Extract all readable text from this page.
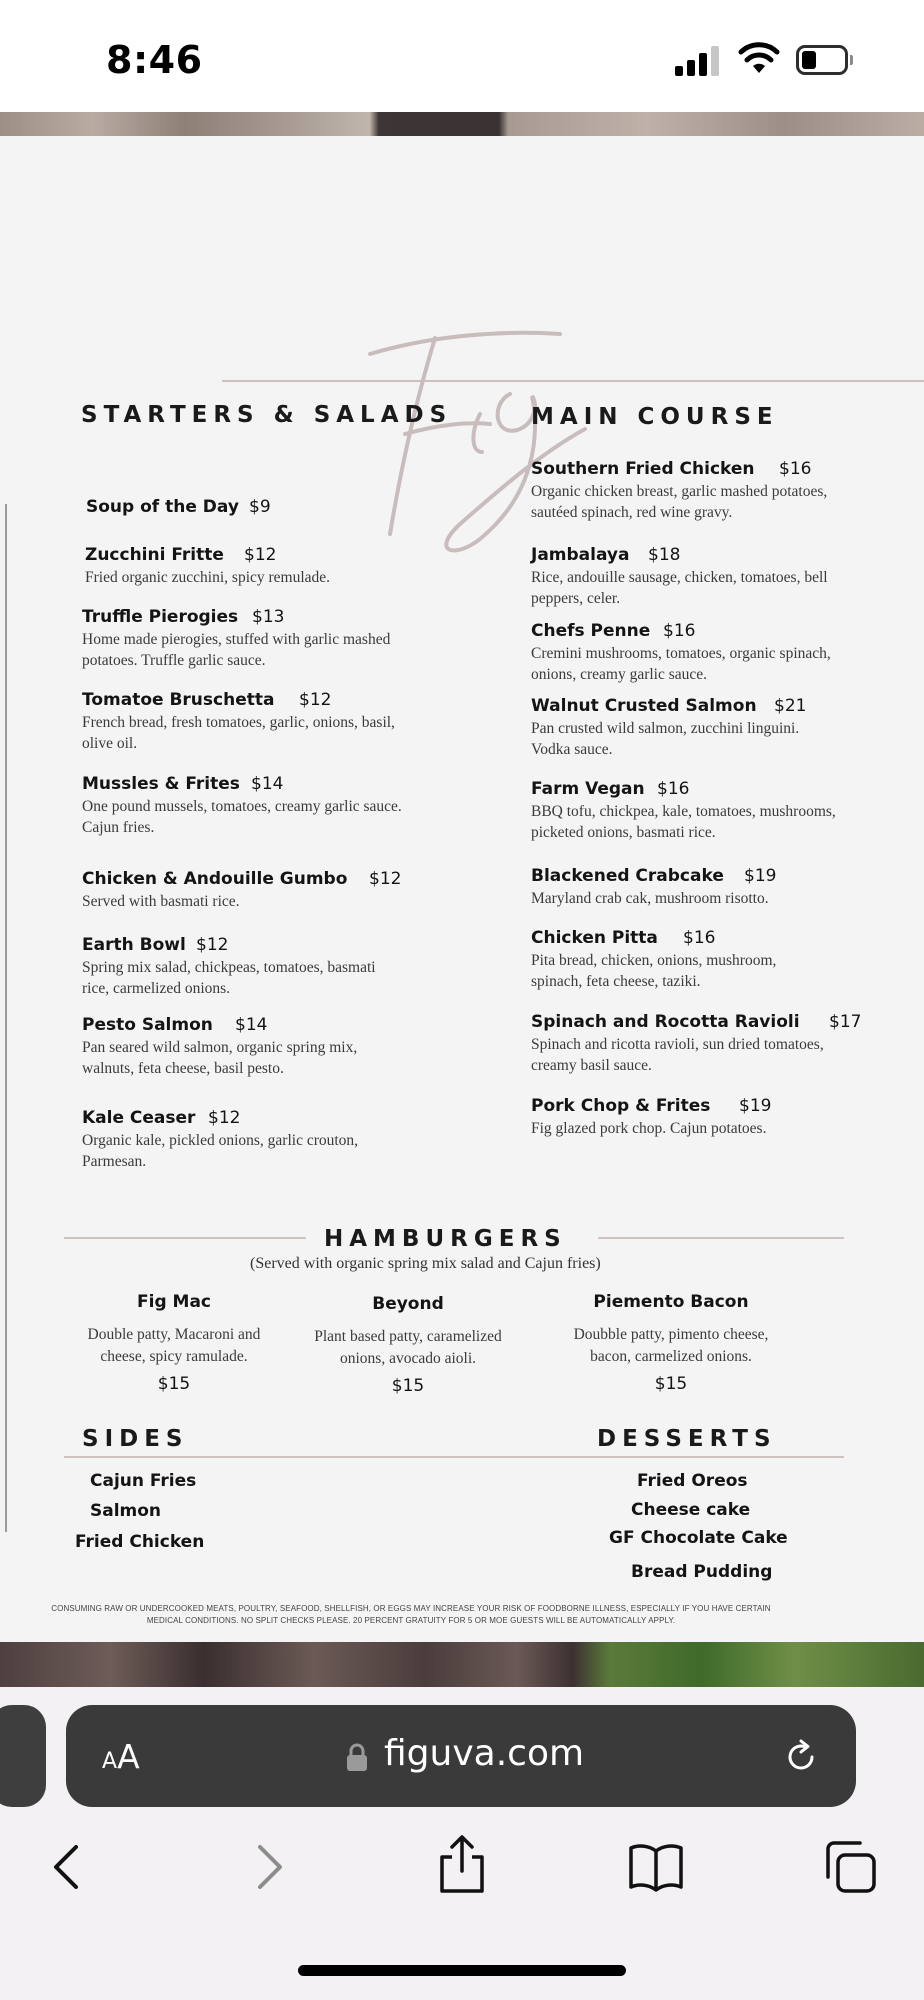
8:46
STARTERS & SALADS
Soup of the Day $9
Zucchini Fritte $12
Fried organic zucchini, spicy remulade.
Truffle Pierogies $13
Home made pierogies, stuffed with garlic mashed potatoes. Truffle garlic sauce.
Tomatoe Bruschetta $12
French bread, fresh tomatoes, garlic, onions, basil, olive oil.
Mussles & Frites $14
One pound mussels, tomatoes, creamy garlic sauce. Cajun fries.
Chicken & Andouille Gumbo $12
Served with basmati rice.
Earth Bowl $12
Spring mix salad, chickpeas, tomatoes, basmati rice, carmelized onions.
Pesto Salmon $14
Pan seared wild salmon, organic spring mix, walnuts, feta cheese, basil pesto.
Kale Ceaser $12
Organic kale, pickled onions, garlic crouton, Parmesan.
MAIN COURSE
Southern Fried Chicken $16
Organic chicken breast, garlic mashed potatoes, sautéed spinach, red wine gravy.
Jambalaya $18
Rice, andouille sausage, chicken, tomatoes, bell peppers, celer.
Chefs Penne $16
Cremini mushrooms, tomatoes, organic spinach, onions, creamy garlic sauce.
Walnut Crusted Salmon $21
Pan crusted wild salmon, zucchini linguini. Vodka sauce.
Farm Vegan $16
BBQ tofu, chickpea, kale, tomatoes, mushrooms, picketed onions, basmati rice.
Blackened Crabcake $19
Maryland crab cak, mushroom risotto.
Chicken Pitta $16
Pita bread, chicken, onions, mushroom, spinach, feta cheese, taziki.
Spinach and Rocotta Ravioli $17
Spinach and ricotta ravioli, sun dried tomatoes, creamy basil sauce.
Pork Chop & Frites $19
Fig glazed pork chop. Cajun potatoes.
HAMBURGERS
(Served with organic spring mix salad and Cajun fries)
Fig Mac
Double patty, Macaroni and cheese, spicy ramulade.
$15
Beyond
Plant based patty, caramelized onions, avocado aioli.
$15
Piemento Bacon
Doubble patty, pimento cheese, bacon, carmelized onions.
$15
SIDES	DESSERTS
Cajun Fries
Salmon
Fried Chicken
Fried Oreos
Cheese cake
GF Chocolate Cake
Bread Pudding
CONSUMING RAW OR UNDERCOOKED MEATS, POULTRY, SEAFOOD, SHELLFISH, OR EGGS MAY INCREASE YOUR RISK OF FOODBORNE ILLNESS, ESPECIALLY IF YOU HAVE CERTAIN
MEDICAL CONDITIONS. NO SPLIT CHECKS PLEASE. 20 PERCENT GRATUITY FOR 5 OR MOE GUESTS WILL BE AUTOMATICALLY APPLY.
AA	figuva.com
